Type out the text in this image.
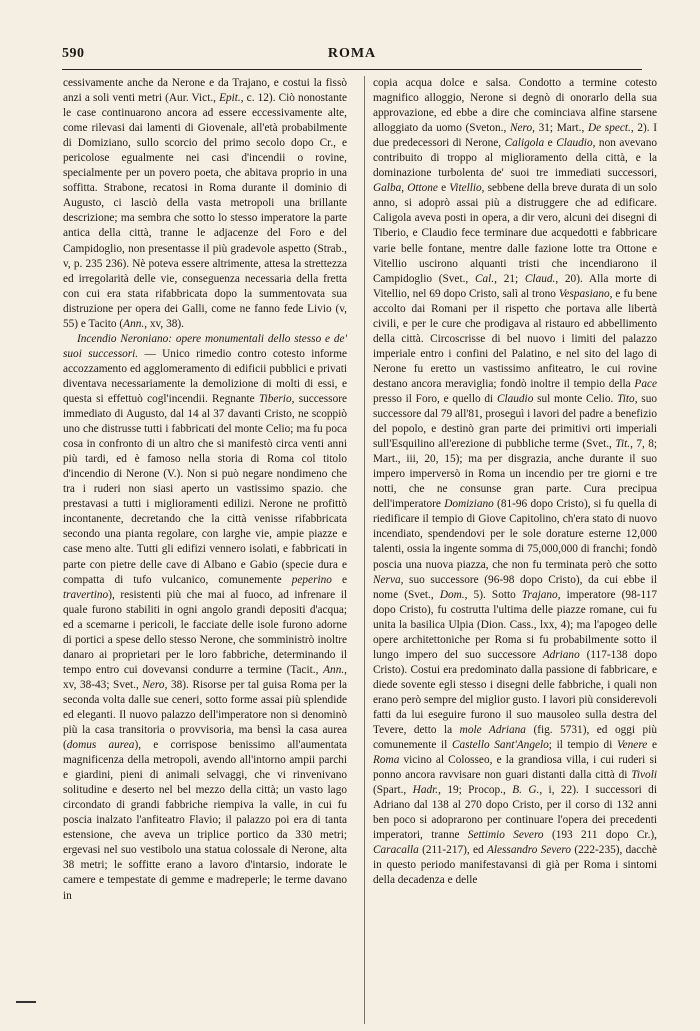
590	ROMA

cessivamente anche da Nerone e da Trajano, e costui la fissò anzi a soli venti metri (Aur. Vict., Epit., c. 12). Ciò nonostante le case continuarono ancora ad essere eccessivamente alte, come rilevasi dai lamenti di Giovenale, all'età probabilmente di Domiziano, sullo scorcio del primo secolo dopo Cr., e pericolose egualmente nei casi d'incendii o rovine, specialmente per un povero poeta, che abitava proprio in una soffitta. Strabone, recatosi in Roma durante il dominio di Augusto, ci lasciò della vasta metropoli una brillante descrizione; ma sembra che sotto lo stesso imperatore la parte antica della città, tranne le adjacenze del Foro e del Campidoglio, non presentasse il più gradevole aspetto (Strab., v, p. 235 236). Nè poteva essere altrimente, attesa la strettezza ed irregolarità delle vie, conseguenza necessaria della fretta con cui era stata rifabbricata dopo la summentovata sua distruzione per opera dei Galli, come ne fanno fede Livio (v, 55) e Tacito (Ann., xv, 38).

Incendio Neroniano: opere monumentali dello stesso e de' suoi successori. — Unico rimedio contro cotesto informe accozzamento ed agglomeramento di edificii pubblici e privati diventava necessariamente la demolizione di molti di essi, e questa si effettuò cogl'incendii. Regnante Tiberio, successore immediato di Augusto, dal 14 al 37 davanti Cristo, ne scoppiò uno che distrusse tutti i fabbricati del monte Celio; ma fu poca cosa in confronto di un altro che si manifestò circa venti anni più tardi, ed è famoso nella storia di Roma col titolo d'incendio di Nerone (V.). Non si può negare nondimeno che tra i ruderi non siasi aperto un vastissimo spazio. che prestavasi a tutti i miglioramenti edilizi. Nerone ne profittò incontanente, decretando che la città venisse rifabbricata secondo una pianta regolare, con larghe vie, ampie piazze e case meno alte. Tutti gli edifizi vennero isolati, e fabbricati in parte con pietre delle cave di Albano e Gabio (specie dura e compatta di tufo vulcanico, comunemente peperino e travertino), resistenti più che mai al fuoco, ad infrenare il quale furono stabiliti in ogni angolo grandi depositi d'acqua; ed a scemarne i pericoli, le facciate delle isole furono adorne di portici a spese dello stesso Nerone, che somministrò inoltre danaro ai proprietari per le loro fabbriche, determinando il tempo entro cui dovevansi condurre a termine (Tacit., Ann., xv, 38-43; Svet., Nero, 38). Risorse per tal guisa Roma per la seconda volta dalle sue ceneri, sotto forme assai più splendide ed eleganti. Il nuovo palazzo dell'imperatore non si denominò più la casa transitoria o provvisoria, ma bensì la casa aurea (domus aurea), e corrispose benissimo all'aumentata magnificenza della metropoli, avendo all'intorno ampii parchi e giardini, pieni di animali selvaggi, che vi rinvenivano solitudine e deserto nel bel mezzo della città; un vasto lago circondato di grandi fabbriche riempiva la valle, in cui fu poscia inalzato l'anfiteatro Flavio; il palazzo poi era di tanta estensione, che aveva un triplice portico da 330 metri; ergevasi nel suo vestibolo una statua colossale di Nerone, alta 38 metri; le soffitte erano a lavoro d'intarsio, indorate le camere e tempestate di gemme e madreperle; le terme davano in

copia acqua dolce e salsa. Condotto a termine cotesto magnifico alloggio, Nerone si degnò di onorarlo della sua approvazione, ed ebbe a dire che cominciava alfine starsene alloggiato da uomo (Sveton., Nero, 31; Mart., De spect., 2). I due predecessori di Nerone, Caligola e Claudio, non avevano contribuito di troppo al miglioramento della città, e la dominazione turbolenta de' suoi tre immediati successori, Galba, Ottone e Vitellio, sebbene della breve durata di un solo anno, si adoprò assai più a distruggere che ad edificare. Caligola aveva posti in opera, a dir vero, alcuni dei disegni di Tiberio, e Claudio fece terminare due acquedotti e fabbricare varie belle fontane, mentre dalle fazione lotte tra Ottone e Vitellio uscirono alquanti tristi che incendiarono il Campidoglio (Svet., Cal., 21; Claud., 20). Alla morte di Vitellio, nel 69 dopo Cristo, salì al trono Vespasiano, e fu bene accolto dai Romani per il rispetto che portava alle libertà civili, e per le cure che prodigava al ristauro ed abbellimento della città. Circoscrisse di bel nuovo i limiti del palazzo imperiale entro i confini del Palatino, e nel sito del lago di Nerone fu eretto un vastissimo anfiteatro, le cui rovine destano ancora meraviglia; fondò inoltre il tempio della Pace presso il Foro, e quello di Claudio sul monte Celio. Tito, suo successore dal 79 all'81, proseguì i lavori del padre a benefizio del popolo, e destinò gran parte dei primitivi orti imperiali sull'Esquilino all'erezione di pubbliche terme (Svet., Tit., 7, 8; Mart., iii, 20, 15); ma per disgrazia, anche durante il suo impero imperversò in Roma un incendio per tre giorni e tre notti, che ne consunse gran parte. Cura precipua dell'imperatore Domiziano (81-96 dopo Cristo), si fu quella di riedificare il tempio di Giove Capitolino, ch'era stato di nuovo incendiato, spendendovi per le sole dorature esterne 12,000 talenti, ossia la ingente somma di 75,000,000 di franchi; fondò poscia una nuova piazza, che non fu terminata però che sotto Nerva, suo successore (96-98 dopo Cristo), da cui ebbe il nome (Svet., Dom., 5). Sotto Trajano, imperatore (98-117 dopo Cristo), fu costrutta l'ultima delle piazze romane, cui fu unita la basilica Ulpia (Dion. Cass., lxx, 4); ma l'apogeo delle opere architettoniche per Roma si fu probabilmente sotto il lungo impero del suo successore Adriano (117-138 dopo Cristo). Costui era predominato dalla passione di fabbricare, e diede sovente egli stesso i disegni delle fabbriche, i quali non erano però sempre del miglior gusto. I lavori più considerevoli fatti da lui eseguire furono il suo mausoleo sulla destra del Tevere, detto la mole Adriana (fig. 5731), ed oggi più comunemente il Castello Sant'Angelo; il tempio di Venere e Roma vicino al Colosseo, e la grandiosa villa, i cui ruderi si ponno ancora ravvisare non guari distanti dalla città di Tivoli (Spart., Hadr., 19; Procop., B. G., i, 22). I successori di Adriano dal 138 al 270 dopo Cristo, per il corso di 132 anni ben poco si adoprarono per continuare l'opera dei precedenti imperatori, tranne Settimio Severo (193 211 dopo Cr.), Caracalla (211-217), ed Alessandro Severo (222-235), dacchè in questo periodo manifestavansi di già per Roma i sintomi della decadenza e delle
